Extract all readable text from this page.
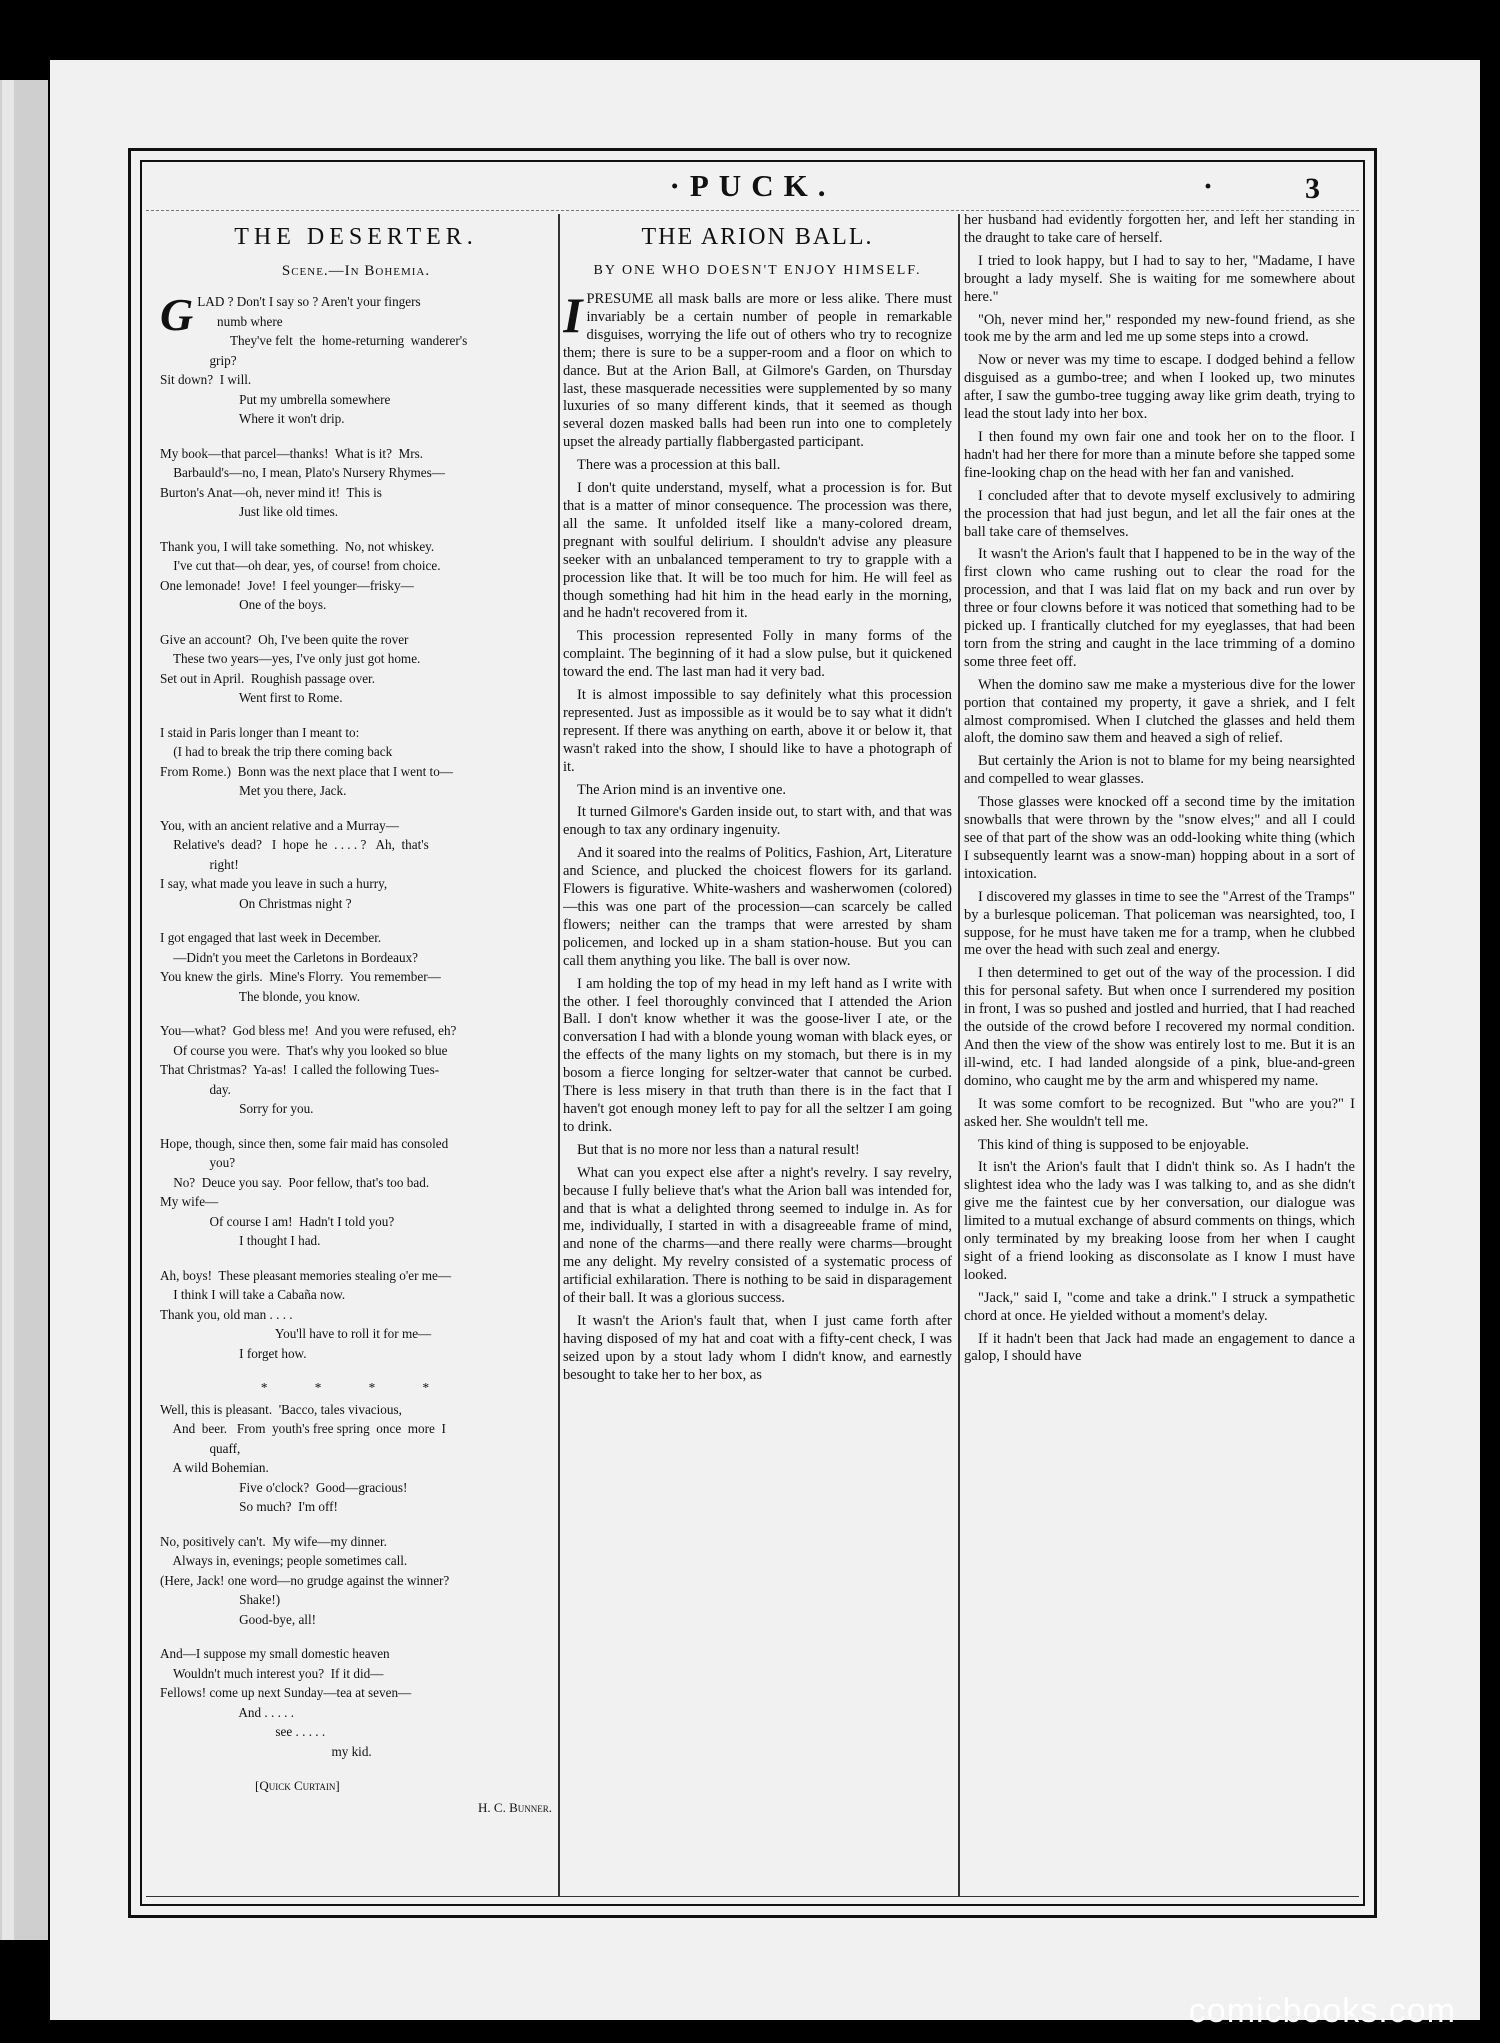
·PUCK.	·	3
THE DESERTER.
Scene.—In Bohemia.
GLAD ? Don't I say so ? Aren't your fingers
numb where
They've felt  the  home-returning  wanderer's
grip?
Sit down?  I will.
Put my umbrella somewhere
Where it won't drip.
My book—that parcel—thanks!  What is it?  Mrs.
Barbauld's—no, I mean, Plato's Nursery Rhymes—
Burton's Anat—oh, never mind it!  This is
Just like old times.
Thank you, I will take something.  No, not whiskey.
I've cut that—oh dear, yes, of course! from choice.
One lemonade!  Jove!  I feel younger—frisky—
One of the boys.
Give an account?  Oh, I've been quite the rover
These two years—yes, I've only just got home.
Set out in April.  Roughish passage over.
Went first to Rome.
I staid in Paris longer than I meant to:
(I had to break the trip there coming back
From Rome.)  Bonn was the next place that I went to—
Met you there, Jack.
You, with an ancient relative and a Murray—
Relative's  dead?   I  hope  he  . . . . ?   Ah,  that's
right!
I say, what made you leave in such a hurry,
On Christmas night ?
I got engaged that last week in December.
—Didn't you meet the Carletons in Bordeaux?
You knew the girls.  Mine's Florry.  You remember—
The blonde, you know.
You—what?  God bless me!  And you were refused, eh?
Of course you were.  That's why you looked so blue
That Christmas?  Ya-as!  I called the following Tues-
day.
Sorry for you.
Hope, though, since then, some fair maid has consoled
you?
No?  Deuce you say.  Poor fellow, that's too bad.
My wife—
Of course I am!  Hadn't I told you?
I thought I had.
Ah, boys!  These pleasant memories stealing o'er me—
I think I will take a Cabaña now.
Thank you, old man . . . .
You'll have to roll it for me—
I forget how.
* * * *
Well, this is pleasant.  'Bacco, tales vivacious,
And  beer.   From  youth's free spring  once  more  I
quaff,
A wild Bohemian.
Five o'clock?  Good—gracious!
So much?  I'm off!
No, positively can't.  My wife—my dinner.
Always in, evenings; people sometimes call.
(Here, Jack! one word—no grudge against the winner?
Shake!)
Good-bye, all!
And—I suppose my small domestic heaven
Wouldn't much interest you?  If it did—
Fellows! come up next Sunday—tea at seven—
And . . . . .
see . . . . .
my kid.
[Quick Curtain]
H. C. Bunner.
THE ARION BALL.
BY ONE WHO DOESN'T ENJOY HIMSELF.

IPRESUME all mask balls are more or less alike. There must invariably be a certain number of people in remarkable disguises, worrying the life out of others who try to recognize them; there is sure to be a supper-room and a floor on which to dance. But at the Arion Ball, at Gilmore's Garden, on Thursday last, these masquerade necessities were supplemented by so many luxuries of so many different kinds, that it seemed as though several dozen masked balls had been run into one to completely upset the already partially flabbergasted participant.

There was a procession at this ball.

I don't quite understand, myself, what a procession is for. But that is a matter of minor consequence. The procession was there, all the same. It unfolded itself like a many-colored dream, pregnant with soulful delirium. I shouldn't advise any pleasure seeker with an unbalanced temperament to try to grapple with a procession like that. It will be too much for him. He will feel as though something had hit him in the head early in the morning, and he hadn't recovered from it.

This procession represented Folly in many forms of the complaint. The beginning of it had a slow pulse, but it quickened toward the end. The last man had it very bad.

It is almost impossible to say definitely what this procession represented. Just as impossible as it would be to say what it didn't represent. If there was anything on earth, above it or below it, that wasn't raked into the show, I should like to have a photograph of it.

The Arion mind is an inventive one.

It turned Gilmore's Garden inside out, to start with, and that was enough to tax any ordinary ingenuity.

And it soared into the realms of Politics, Fashion, Art, Literature and Science, and plucked the choicest flowers for its garland. Flowers is figurative. White-washers and washerwomen (colored)—this was one part of the procession—can scarcely be called flowers; neither can the tramps that were arrested by sham policemen, and locked up in a sham station-house. But you can call them anything you like. The ball is over now.

I am holding the top of my head in my left hand as I write with the other. I feel thoroughly convinced that I attended the Arion Ball. I don't know whether it was the goose-liver I ate, or the conversation I had with a blonde young woman with black eyes, or the effects of the many lights on my stomach, but there is in my bosom a fierce longing for seltzer-water that cannot be curbed. There is less misery in that truth than there is in the fact that I haven't got enough money left to pay for all the seltzer I am going to drink.

But that is no more nor less than a natural result!

What can you expect else after a night's revelry. I say revelry, because I fully believe that's what the Arion ball was intended for, and that is what a delighted throng seemed to indulge in. As for me, individually, I started in with a disagreeable frame of mind, and none of the charms—and there really were charms—brought me any delight. My revelry consisted of a systematic process of artificial exhilaration. There is nothing to be said in disparagement of their ball. It was a glorious success.

It wasn't the Arion's fault that, when I just came forth after having disposed of my hat and coat with a fifty-cent check, I was seized upon by a stout lady whom I didn't know, and earnestly besought to take her to her box, as

her husband had evidently forgotten her, and left her standing in the draught to take care of herself.

I tried to look happy, but I had to say to her, "Madame, I have brought a lady myself. She is waiting for me somewhere about here."

"Oh, never mind her," responded my new-found friend, as she took me by the arm and led me up some steps into a crowd.

Now or never was my time to escape. I dodged behind a fellow disguised as a gumbo-tree; and when I looked up, two minutes after, I saw the gumbo-tree tugging away like grim death, trying to lead the stout lady into her box.

I then found my own fair one and took her on to the floor. I hadn't had her there for more than a minute before she tapped some fine-looking chap on the head with her fan and vanished.

I concluded after that to devote myself exclusively to admiring the procession that had just begun, and let all the fair ones at the ball take care of themselves.

It wasn't the Arion's fault that I happened to be in the way of the first clown who came rushing out to clear the road for the procession, and that I was laid flat on my back and run over by three or four clowns before it was noticed that something had to be picked up. I frantically clutched for my eyeglasses, that had been torn from the string and caught in the lace trimming of a domino some three feet off.

When the domino saw me make a mysterious dive for the lower portion that contained my property, it gave a shriek, and I felt almost compromised. When I clutched the glasses and held them aloft, the domino saw them and heaved a sigh of relief.

But certainly the Arion is not to blame for my being nearsighted and compelled to wear glasses.

Those glasses were knocked off a second time by the imitation snowballs that were thrown by the "snow elves;" and all I could see of that part of the show was an odd-looking white thing (which I subsequently learnt was a snow-man) hopping about in a sort of intoxication.

I discovered my glasses in time to see the "Arrest of the Tramps" by a burlesque policeman. That policeman was nearsighted, too, I suppose, for he must have taken me for a tramp, when he clubbed me over the head with such zeal and energy.

I then determined to get out of the way of the procession. I did this for personal safety. But when once I surrendered my position in front, I was so pushed and jostled and hurried, that I had reached the outside of the crowd before I recovered my normal condition. And then the view of the show was entirely lost to me. But it is an ill-wind, etc. I had landed alongside of a pink, blue-and-green domino, who caught me by the arm and whispered my name.

It was some comfort to be recognized. But "who are you?" I asked her. She wouldn't tell me.

This kind of thing is supposed to be enjoyable.

It isn't the Arion's fault that I didn't think so. As I hadn't the slightest idea who the lady was I was talking to, and as she didn't give me the faintest cue by her conversation, our dialogue was limited to a mutual exchange of absurd comments on things, which only terminated by my breaking loose from her when I caught sight of a friend looking as disconsolate as I know I must have looked.

"Jack," said I, "come and take a drink." I struck a sympathetic chord at once. He yielded without a moment's delay.

If it hadn't been that Jack had made an engagement to dance a galop, I should have

comicbooks.com
